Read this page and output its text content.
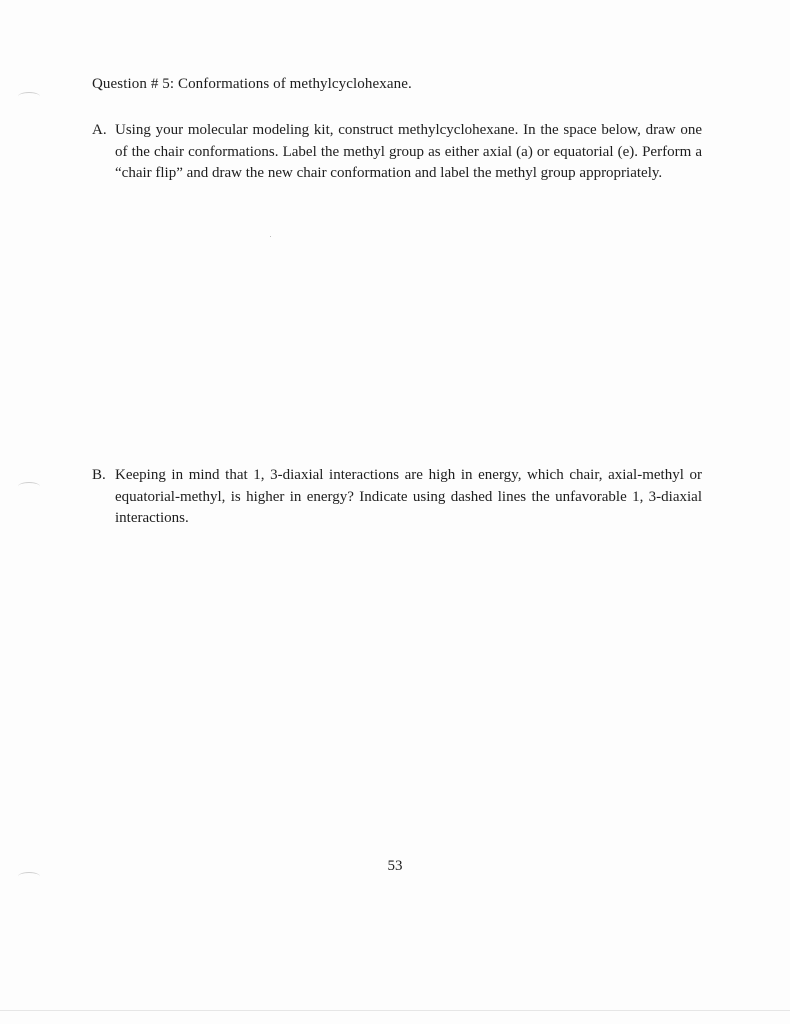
Question # 5: Conformations of methylcyclohexane.
A. Using your molecular modeling kit, construct methylcyclohexane. In the space below, draw one of the chair conformations. Label the methyl group as either axial (a) or equatorial (e). Perform a “chair flip” and draw the new chair conformation and label the methyl group appropriately.
B. Keeping in mind that 1, 3-diaxial interactions are high in energy, which chair, axial-methyl or equatorial-methyl, is higher in energy? Indicate using dashed lines the unfavorable 1, 3-diaxial interactions.
53
